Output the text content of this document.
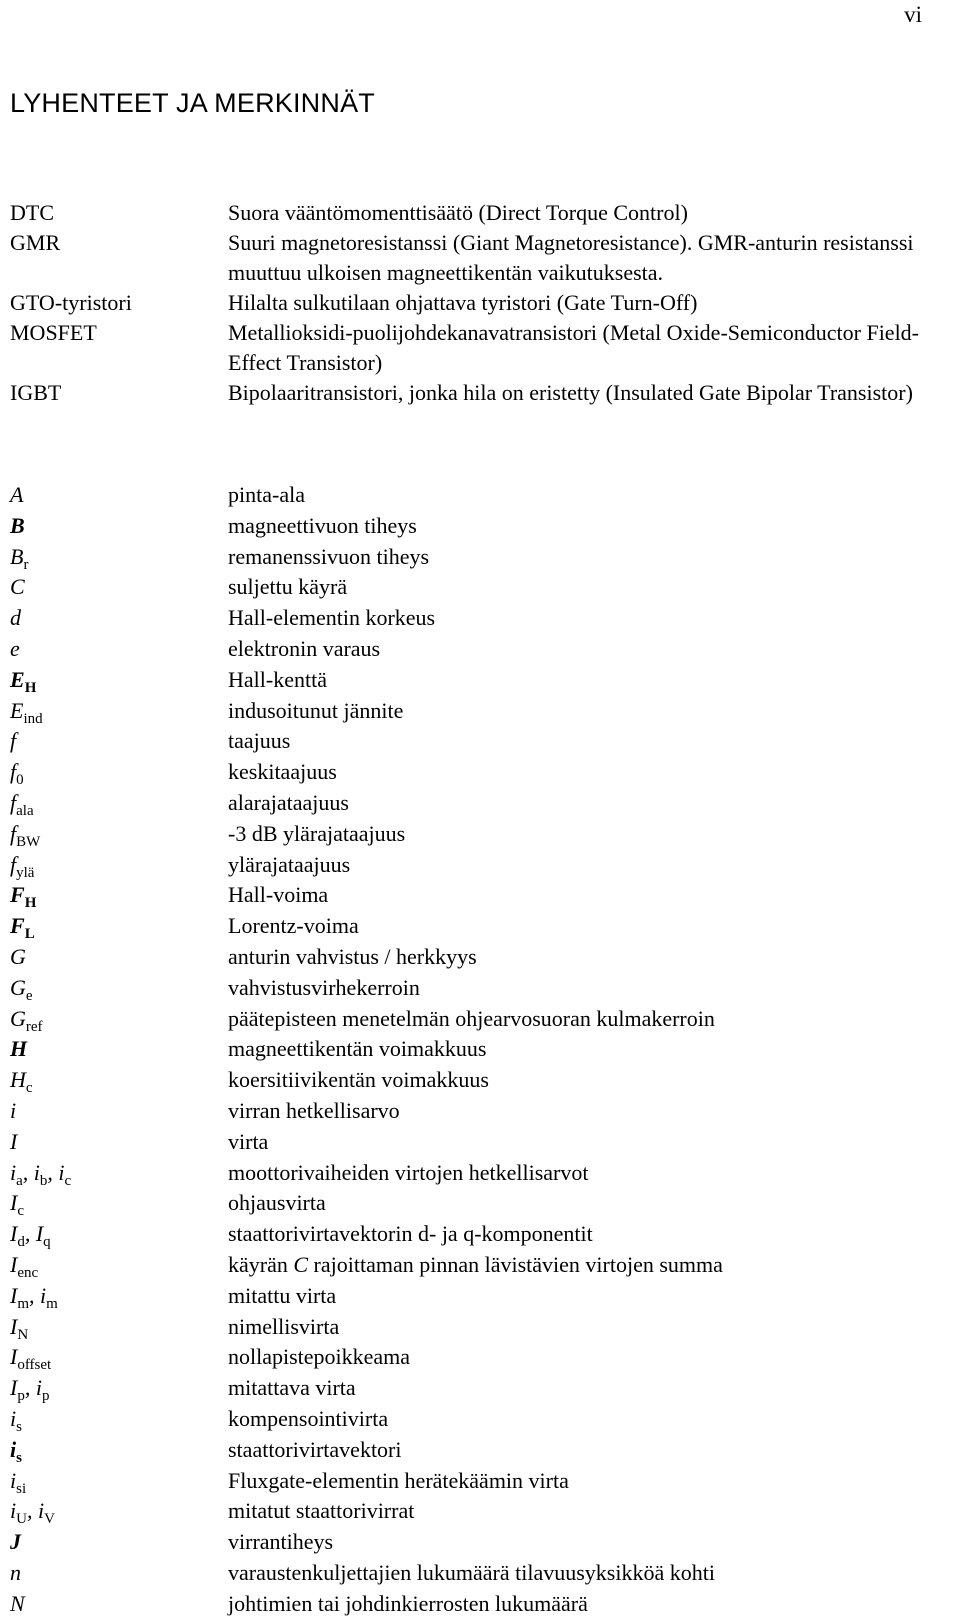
vi
LYHENTEET JA MERKINNÄT
DTC	Suora vääntömomenttisäätö (Direct Torque Control)
GMR	Suuri magnetoresistanssi (Giant Magnetoresistance). GMR-anturin resistanssi muuttuu ulkoisen magneettikentän vaikutuksesta.
GTO-tyristori	Hilalta sulkutilaan ohjattava tyristori (Gate Turn-Off)
MOSFET	Metallioksidi-puolijohdekanavatransistori (Metal Oxide-Semiconductor Field-Effect Transistor)
IGBT	Bipolaaritransistori, jonka hila on eristetty (Insulated Gate Bipolar Transistor)
A	pinta-ala
B	magneettivuon tiheys
$B_r$	remanenssivuon tiheys
C	suljettu käyrä
d	Hall-elementin korkeus
e	elektronin varaus
$E_H$	Hall-kenttä
$E_{ind}$	indusoitunut jännite
f	taajuus
$f_0$	keskitaajuus
$f_{ala}$	alarajataajuus
$f_{BW}$	-3 dB ylärajataajuus
$f_{ylä}$	ylärajataajuus
$F_H$	Hall-voima
$F_L$	Lorentz-voima
G	anturin vahvistus / herkkyys
$G_e$	vahvistusvirhekerroin
$G_{ref}$	päätepisteen menetelmän ohjearvosuoran kulmakerroin
H	magneettikentän voimakkuus
$H_c$	koersitiivikentän voimakkuus
i	virran hetkellisarvo
I	virta
$i_a$, $i_b$, $i_c$	moottorivaiheiden virtojen hetkellisarvot
$I_c$	ohjausvirta
$I_d$, $I_q$	staattorivirtavektorin d- ja q-komponentit
$I_{enc}$	käyrän C rajoittaman pinnan lävistävien virtojen summa
$I_m$, $i_m$	mitattu virta
$I_N$	nimellisvirta
$I_{offset}$	nollapistepoikkeama
$I_p$, $i_p$	mitattava virta
$i_s$	kompensointivirta
$i_s$	staattorivirtavektori
$i_{si}$	Fluxgate-elementin herätekäämin virta
$i_U$, $i_V$	mitatut staattorivirrat
J	virrantiheys
n	varaustenkuljettajien lukumäärä tilavuusyksikköä kohti
N	johtimien tai johdinkierrosten lukumäärä
